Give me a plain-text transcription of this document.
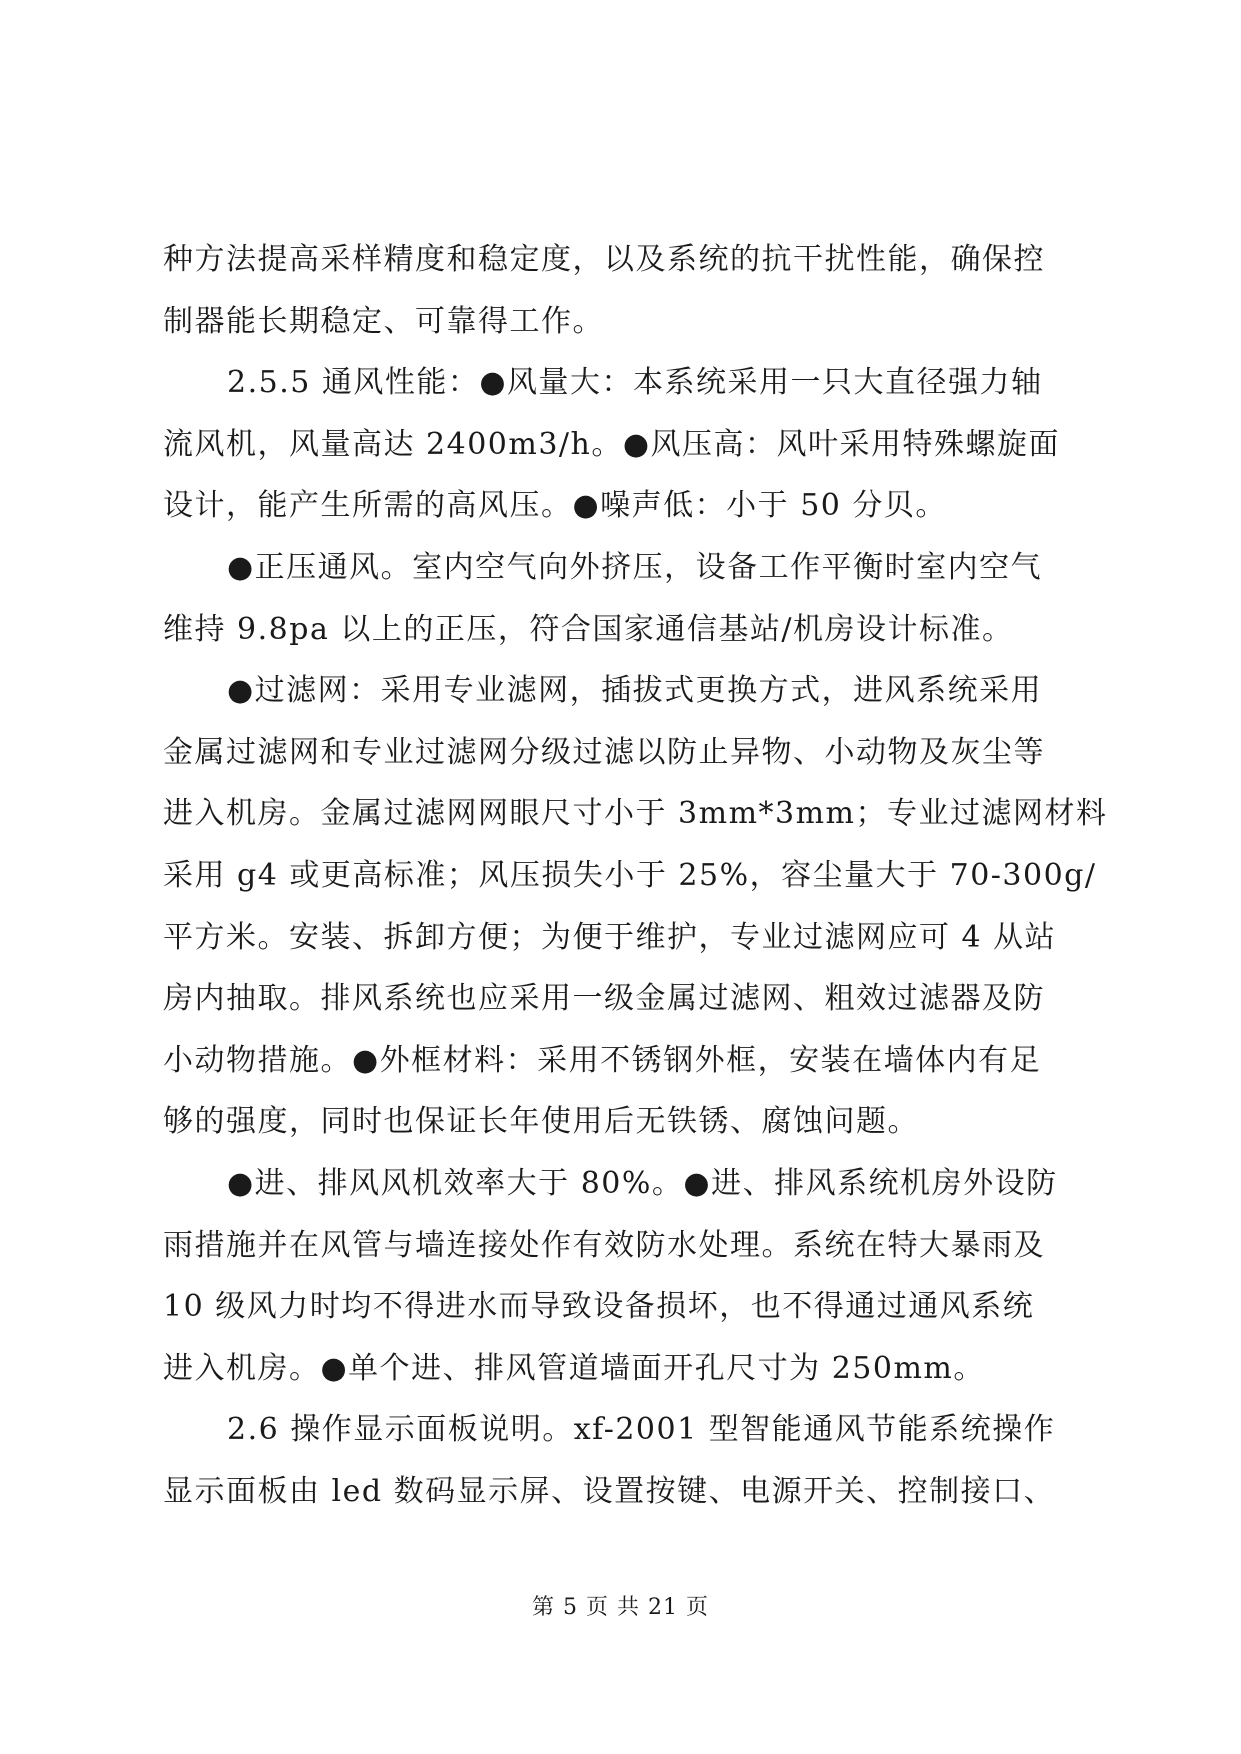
种方法提高采样精度和稳定度，以及系统的抗干扰性能，确保控
制器能长期稳定、可靠得工作。
2.5.5 通风性能：●风量大：本系统采用一只大直径强力轴
流风机，风量高达 2400m3/h。●风压高：风叶采用特殊螺旋面
设计，能产生所需的高风压。●噪声低：小于 50 分贝。
●正压通风。室内空气向外挤压，设备工作平衡时室内空气
维持 9.8pa 以上的正压，符合国家通信基站/机房设计标准。
●过滤网：采用专业滤网，插拔式更换方式，进风系统采用
金属过滤网和专业过滤网分级过滤以防止异物、小动物及灰尘等
进入机房。金属过滤网网眼尺寸小于 3mm*3mm；专业过滤网材料
采用 g4 或更高标准；风压损失小于 25%，容尘量大于 70-300g/
平方米。安装、拆卸方便；为便于维护，专业过滤网应可 4 从站
房内抽取。排风系统也应采用一级金属过滤网、粗效过滤器及防
小动物措施。●外框材料：采用不锈钢外框，安装在墙体内有足
够的强度，同时也保证长年使用后无铁锈、腐蚀问题。
●进、排风风机效率大于 80%。●进、排风系统机房外设防
雨措施并在风管与墙连接处作有效防水处理。系统在特大暴雨及
10 级风力时均不得进水而导致设备损坏，也不得通过通风系统
进入机房。●单个进、排风管道墙面开孔尺寸为 250mm。
2.6 操作显示面板说明。xf-2001 型智能通风节能系统操作
显示面板由 led 数码显示屏、设置按键、电源开关、控制接口、
第 5 页 共 21 页
